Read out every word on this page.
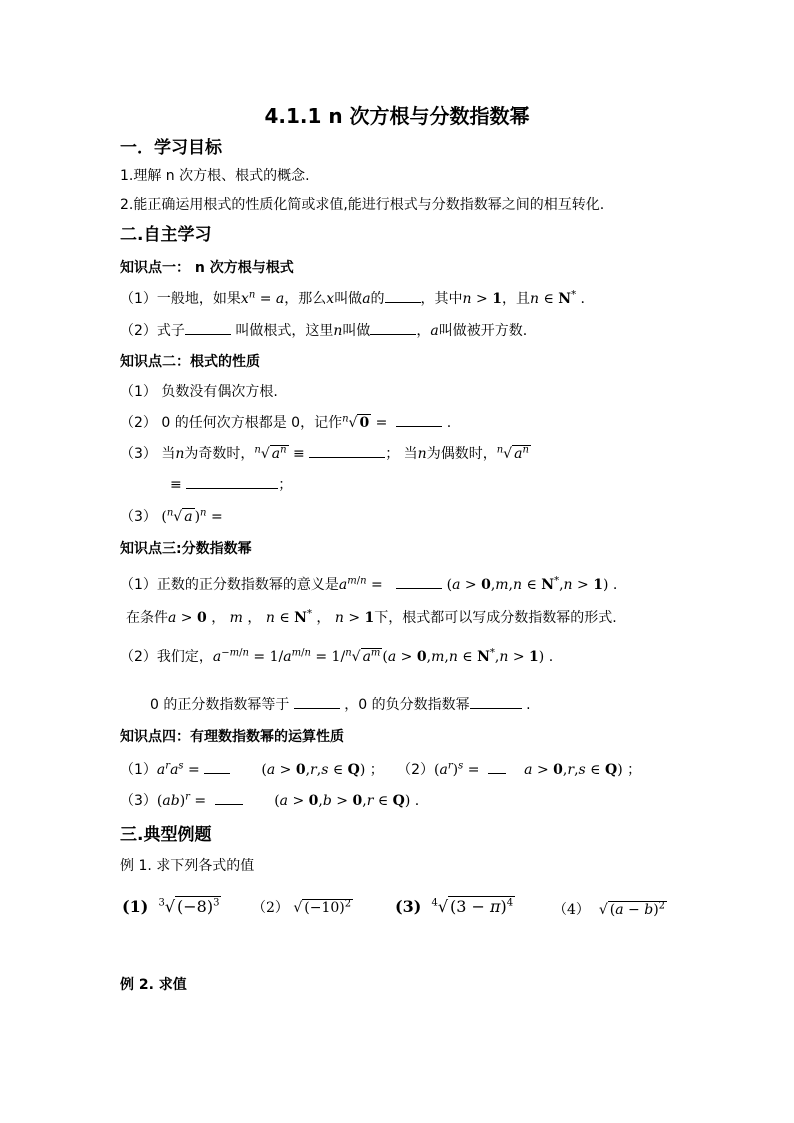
4.1.1 n 次方根与分数指数幂
一．学习目标
1.理解 n 次方根、根式的概念.
2.能正确运用根式的性质化简或求值,能进行根式与分数指数幂之间的相互转化.
二.自主学习
知识点一： n 次方根与根式
（1）一般地，如果$x^n = a$，那么x叫做a的	，其中n > 1，且n ∈ N* .
（2）式子	叫做根式，这里n叫做	，a叫做被开方数.
知识点二：根式的性质
（1） 负数没有偶次方根.
（2） 0 的任何次方根都是 0，记作$^n$√ 0 =	.
（3） 当n为奇数时，$^n$√ $a^n$ ≡	； 当n为偶数时，$^n$√ $a^n$
≡	；
（3） ($^n$√ a )$^n$ =
知识点三:分数指数幂
（1）正数的正分数指数幂的意义是$a^{m/n}$ =	(a > 0,m,n ∈ N*,n > 1) .
在条件a > 0 ， m ， n ∈ N* ， n > 1下，根式都可以写成分数指数幂的形式.
（2）我们定，$a^{-m/n} = 1/a^{m/n} = 1/^n√$ $a^m$ (a > 0,m,n ∈ N*,n > 1) .
0 的正分数指数幂等于	，0 的负分数指数幂	.
知识点四：有理数指数幂的运算性质
$(1)a^ra^s$ =	(a > 0,r,s ∈ Q) ； $(2)(a^r)^s$ =	a > 0,r,s ∈ Q) ；
（3）(ab)$^r$ =	(a > 0,b > 0,r ∈ Q) .
三.典型例题
例 1. 求下列各式的值
(1) $^3$√ $(-8)^3$ （2） √ $(-10)^2$	(3) $^4$√ $(3 - \pi)^4$	（4）  √ $(a - b)^2$
例 2. 求值
